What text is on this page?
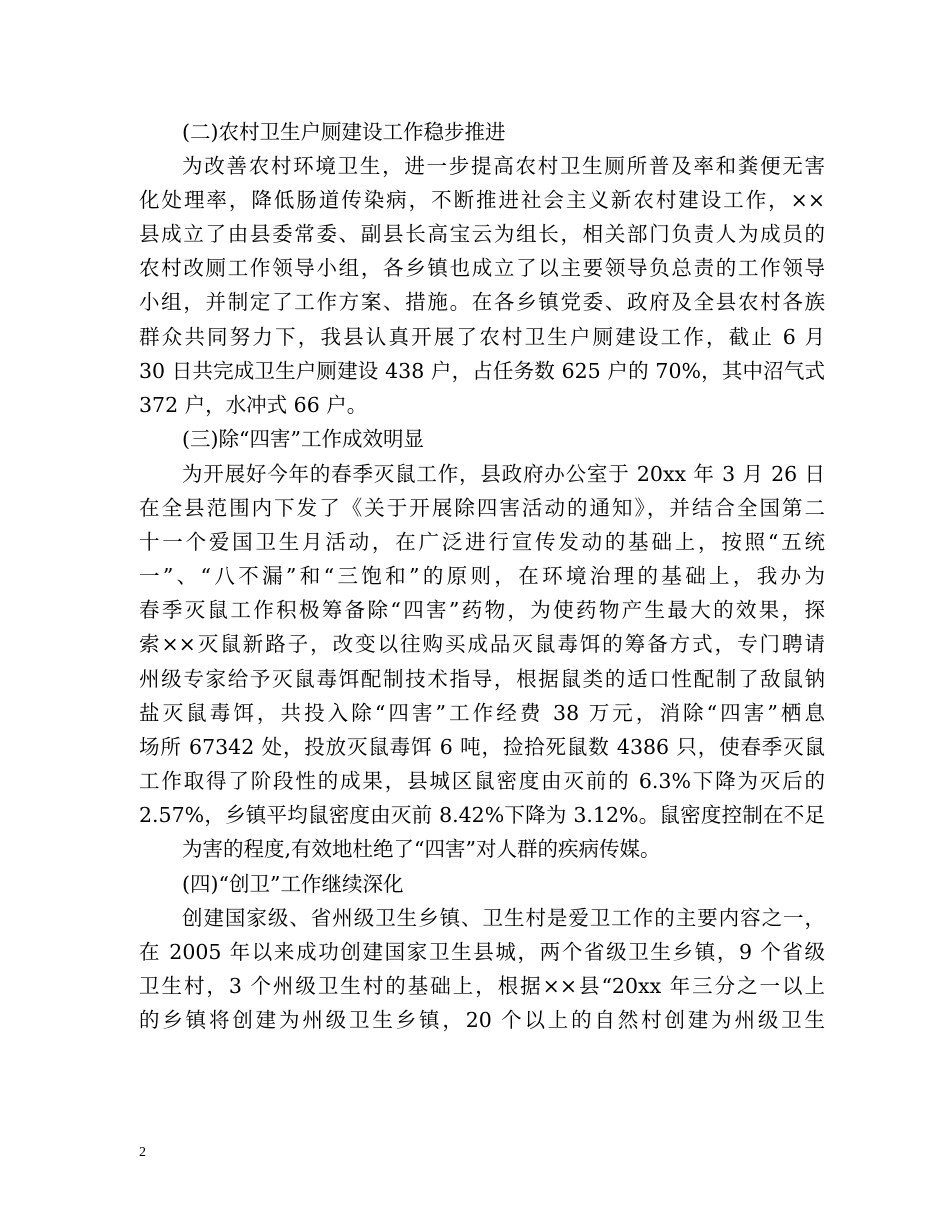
(二)农村卫生户厕建设工作稳步推进
为改善农村环境卫生，进一步提高农村卫生厕所普及率和粪便无害
化处理率，降低肠道传染病，不断推进社会主义新农村建设工作，××
县成立了由县委常委、副县长高宝云为组长，相关部门负责人为成员的
农村改厕工作领导小组，各乡镇也成立了以主要领导负总责的工作领导
小组，并制定了工作方案、措施。在各乡镇党委、政府及全县农村各族
群众共同努力下，我县认真开展了农村卫生户厕建设工作，截止 6 月
30 日共完成卫生户厕建设 438 户，占任务数 625 户的 70%，其中沼气式
372 户，水冲式 66 户。
(三)除“四害”工作成效明显
为开展好今年的春季灭鼠工作，县政府办公室于 20xx 年 3 月 26 日
在全县范围内下发了《关于开展除四害活动的通知》，并结合全国第二
十一个爱国卫生月活动，在广泛进行宣传发动的基础上，按照“五统
一”、“八不漏”和“三饱和”的原则，在环境治理的基础上，我办为
春季灭鼠工作积极筹备除“四害”药物，为使药物产生最大的效果，探
索××灭鼠新路子，改变以往购买成品灭鼠毒饵的筹备方式，专门聘请
州级专家给予灭鼠毒饵配制技术指导，根据鼠类的适口性配制了敌鼠钠
盐灭鼠毒饵，共投入除“四害”工作经费 38 万元，消除“四害”栖息
场所 67342 处，投放灭鼠毒饵 6 吨，捡拾死鼠数 4386 只，使春季灭鼠
工作取得了阶段性的成果，县城区鼠密度由灭前的 6.3%下降为灭后的
2.57%，乡镇平均鼠密度由灭前 8.42%下降为 3.12%。鼠密度控制在不足
为害的程度,有效地杜绝了“四害”对人群的疾病传媒。
(四)“创卫”工作继续深化
创建国家级、省州级卫生乡镇、卫生村是爱卫工作的主要内容之一，
在 2005 年以来成功创建国家卫生县城，两个省级卫生乡镇，9 个省级
卫生村，3 个州级卫生村的基础上，根据××县“20xx 年三分之一以上
的乡镇将创建为州级卫生乡镇，20 个以上的自然村创建为州级卫生
2
